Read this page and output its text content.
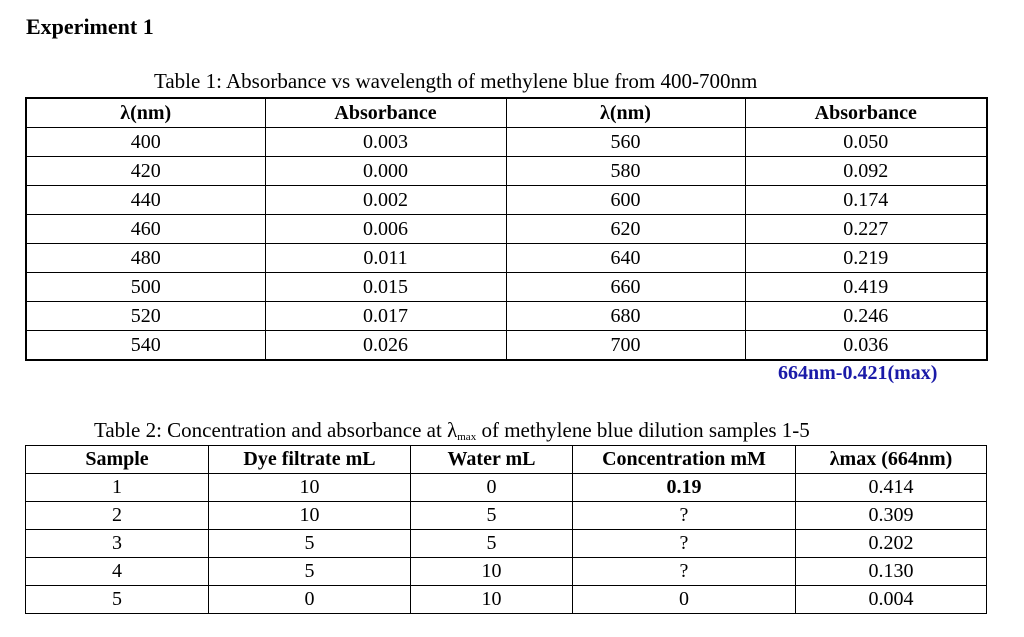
Experiment 1
Table 1: Absorbance vs wavelength of methylene blue from 400-700nm
λ(nm)	Absorbance	λ(nm)	Absorbance
400	0.003	560	0.050
420	0.000	580	0.092
440	0.002	600	0.174
460	0.006	620	0.227
480	0.011	640	0.219
500	0.015	660	0.419
520	0.017	680	0.246
540	0.026	700	0.036
664nm-0.421(max)
Table 2: Concentration and absorbance at $\lambda_{max}$ of methylene blue dilution samples 1-5
Sample	Dye filtrate mL	Water mL	Concentration mM	λmax (664nm)
1	10	0	0.19	0.414
2	10	5	?	0.309
3	5	5	?	0.202
4	5	10	?	0.130
5	0	10	0	0.004
